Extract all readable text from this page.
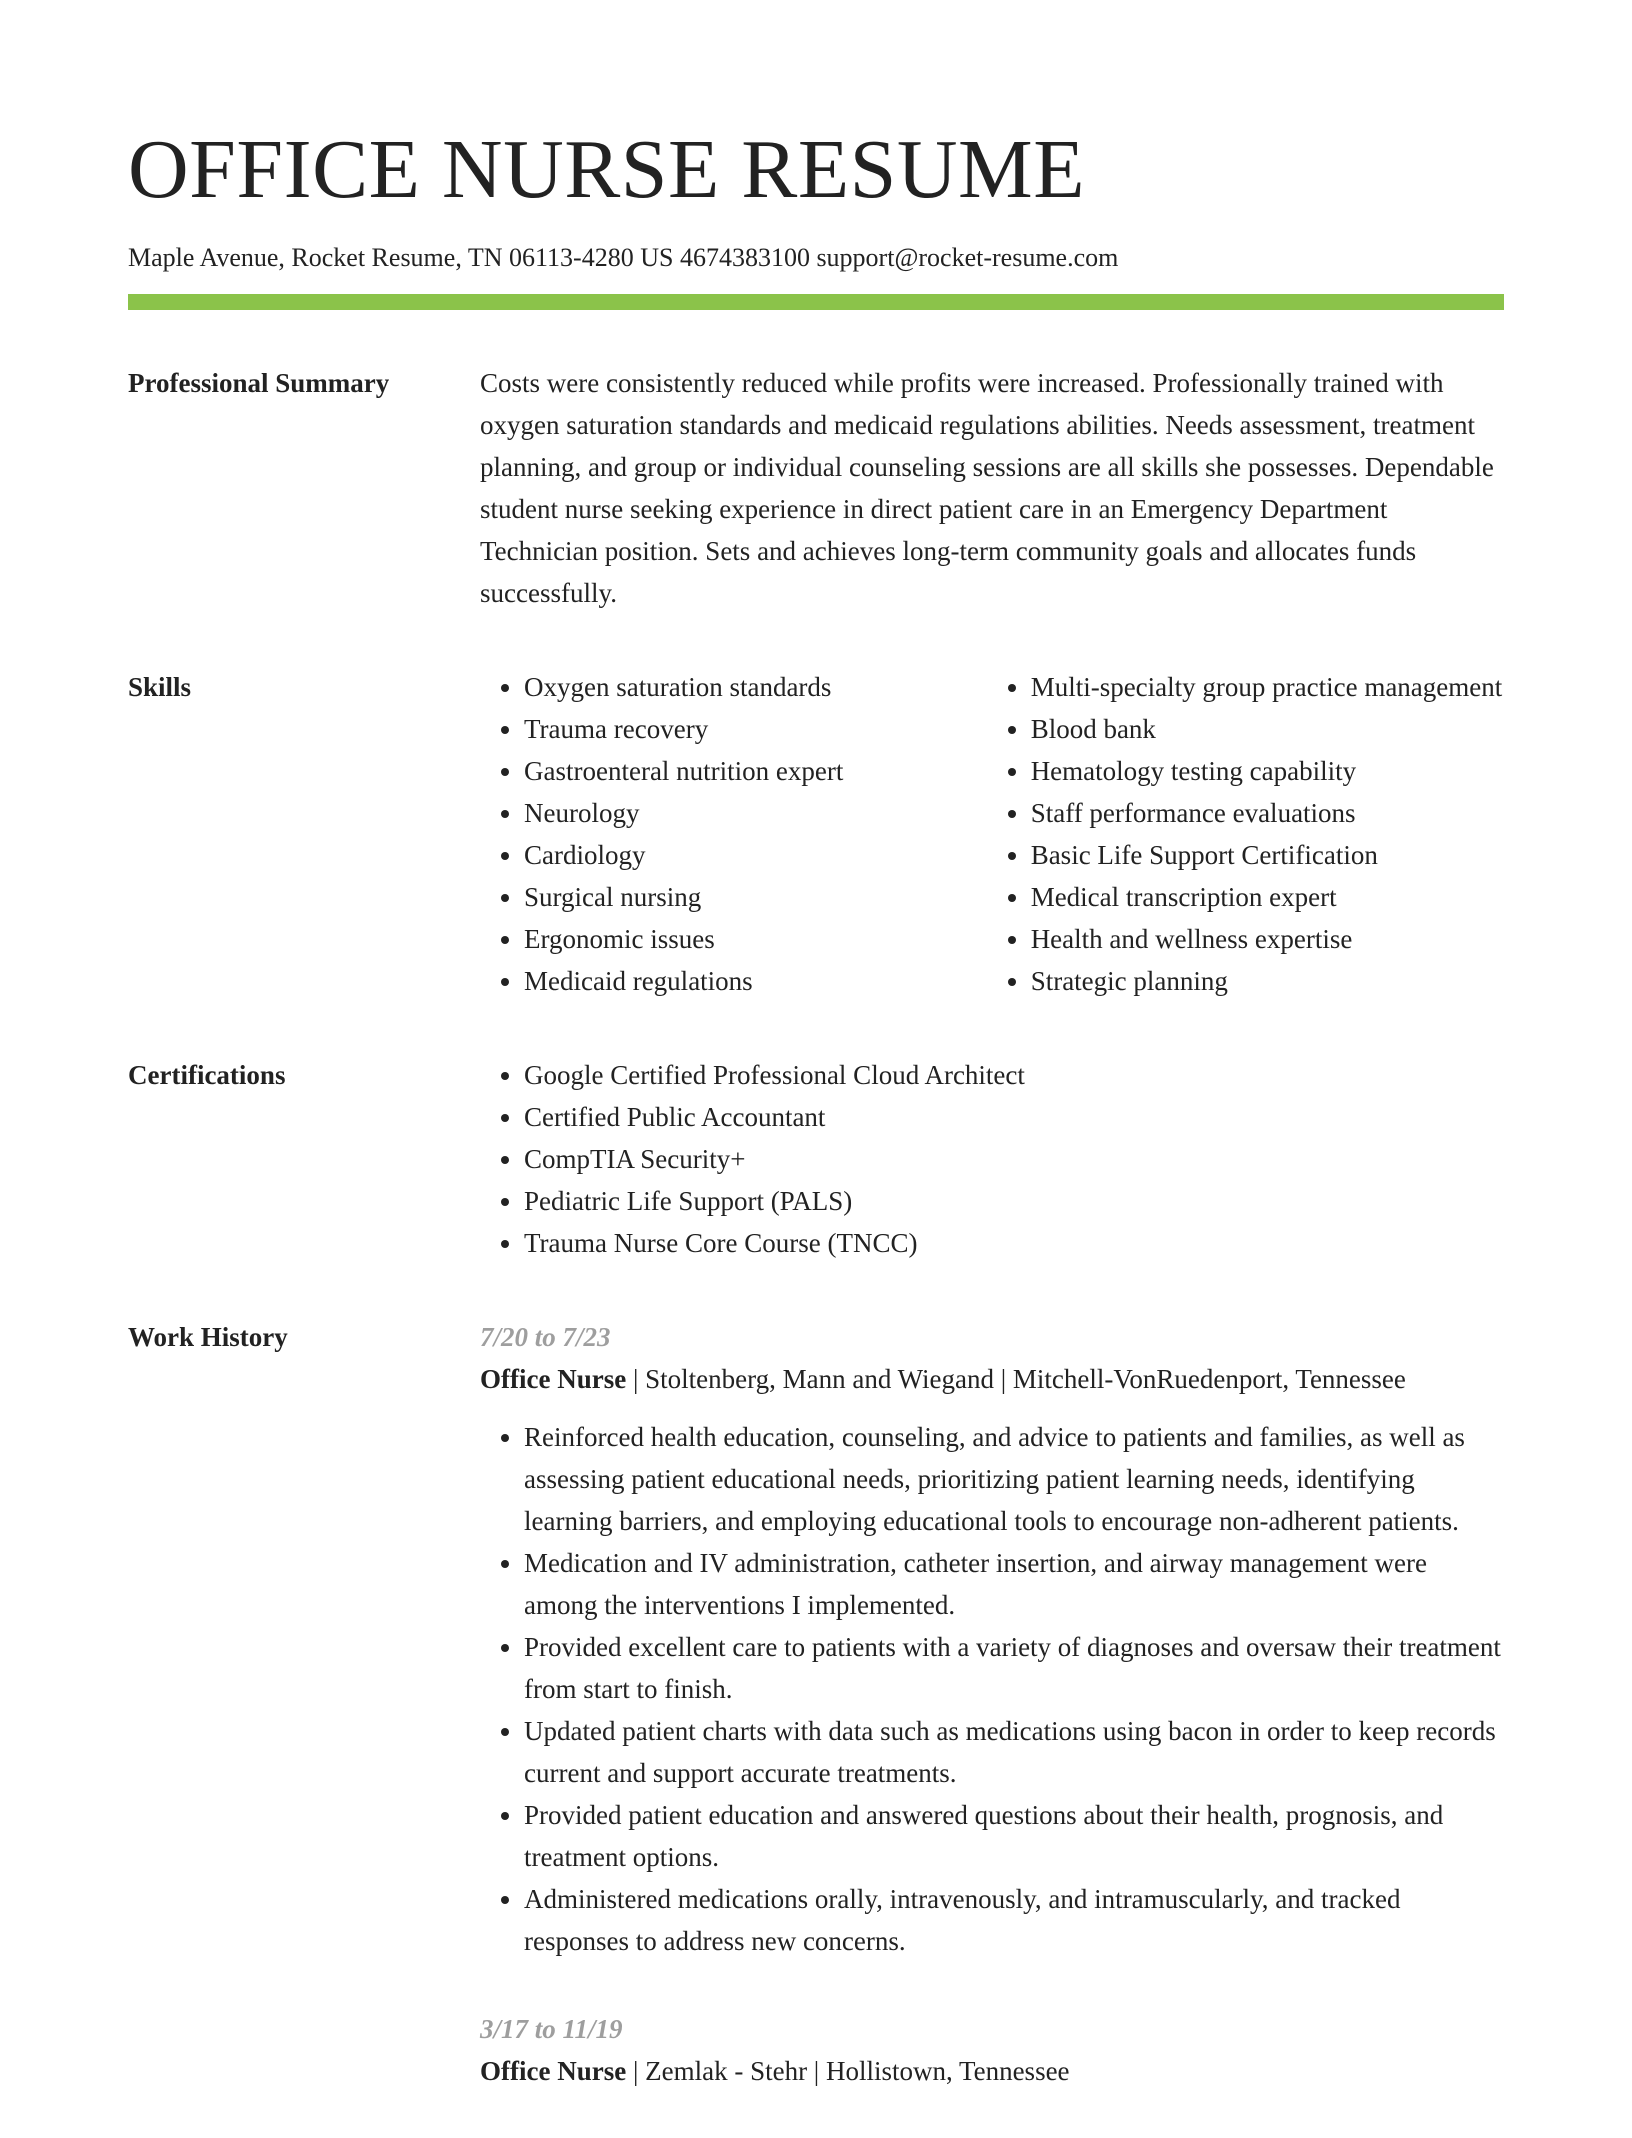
OFFICE NURSE RESUME
Maple Avenue, Rocket Resume, TN 06113-4280 US 4674383100 support@rocket-resume.com
Professional Summary	Costs were consistently reduced while profits were increased. Professionally trained with oxygen saturation standards and medicaid regulations abilities. Needs assessment, treatment planning, and group or individual counseling sessions are all skills she possesses. Dependable student nurse seeking experience in direct patient care in an Emergency Department Technician position. Sets and achieves long-term community goals and allocates funds successfully.

Skills	• Oxygen saturation standards
• Trauma recovery
• Gastroenteral nutrition expert
• Neurology
• Cardiology
• Surgical nursing
• Ergonomic issues
• Medicaid regulations
• Multi-specialty group practice management
• Blood bank
• Hematology testing capability
• Staff performance evaluations
• Basic Life Support Certification
• Medical transcription expert
• Health and wellness expertise
• Strategic planning
Certifications	• Google Certified Professional Cloud Architect
• Certified Public Accountant
• CompTIA Security+
• Pediatric Life Support (PALS)
• Trauma Nurse Core Course (TNCC)
Work History	7/20 to 7/23
Office Nurse | Stoltenberg, Mann and Wiegand | Mitchell-VonRuedenport, Tennessee
• Reinforced health education, counseling, and advice to patients and families, as well as assessing patient educational needs, prioritizing patient learning needs, identifying learning barriers, and employing educational tools to encourage non-adherent patients.
• Medication and IV administration, catheter insertion, and airway management were among the interventions I implemented.
• Provided excellent care to patients with a variety of diagnoses and oversaw their treatment from start to finish.
• Updated patient charts with data such as medications using bacon in order to keep records current and support accurate treatments.
• Provided patient education and answered questions about their health, prognosis, and treatment options.
• Administered medications orally, intravenously, and intramuscularly, and tracked responses to address new concerns.
3/17 to 11/19
Office Nurse | Zemlak - Stehr | Hollistown, Tennessee
